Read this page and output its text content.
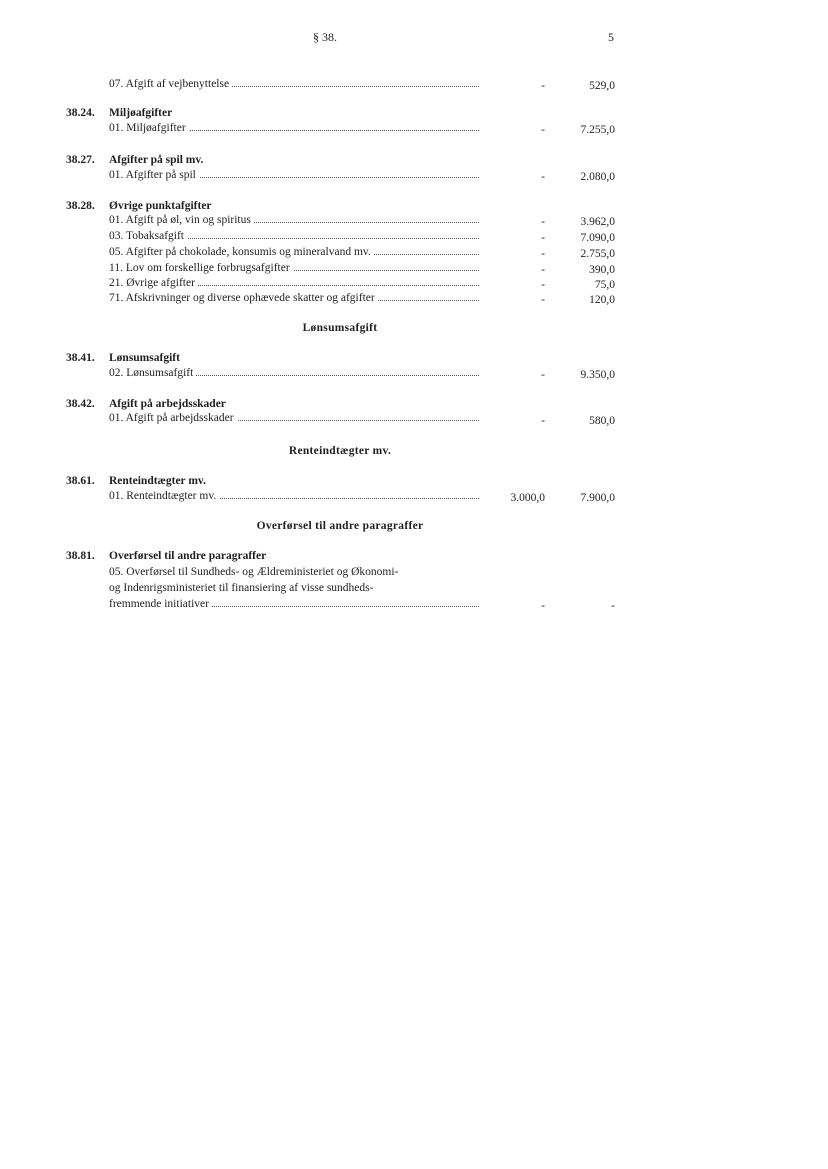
§ 38.	5
07. Afgift af vejbenyttelse	-	529,0
38.24. Miljøafgifter
01. Miljøafgifter	-	7.255,0
38.27. Afgifter på spil mv.
01. Afgifter på spil	-	2.080,0
38.28. Øvrige punktafgifter
01. Afgift på øl, vin og spiritus	-	3.962,0
03. Tobaksafgift	-	7.090,0
05. Afgifter på chokolade, konsumis og mineralvand mv.	-	2.755,0
11. Lov om forskellige forbrugsafgifter	-	390,0
21. Øvrige afgifter	-	75,0
71. Afskrivninger og diverse ophævede skatter og afgifter	-	120,0
Lønsumsafgift
38.41. Lønsumsafgift
02. Lønsumsafgift	-	9.350,0
38.42. Afgift på arbejdsskader
01. Afgift på arbejdsskader	-	580,0
Renteindtægter mv.
38.61. Renteindtægter mv.
01. Renteindtægter mv.	3.000,0	7.900,0
Overførsel til andre paragraffer
38.81. Overførsel til andre paragraffer
05. Overførsel til Sundheds- og Ældreministeriet og Økonomi-
og Indenrigsministeriet til finansiering af visse sundheds-
fremmende initiativer	-	-
